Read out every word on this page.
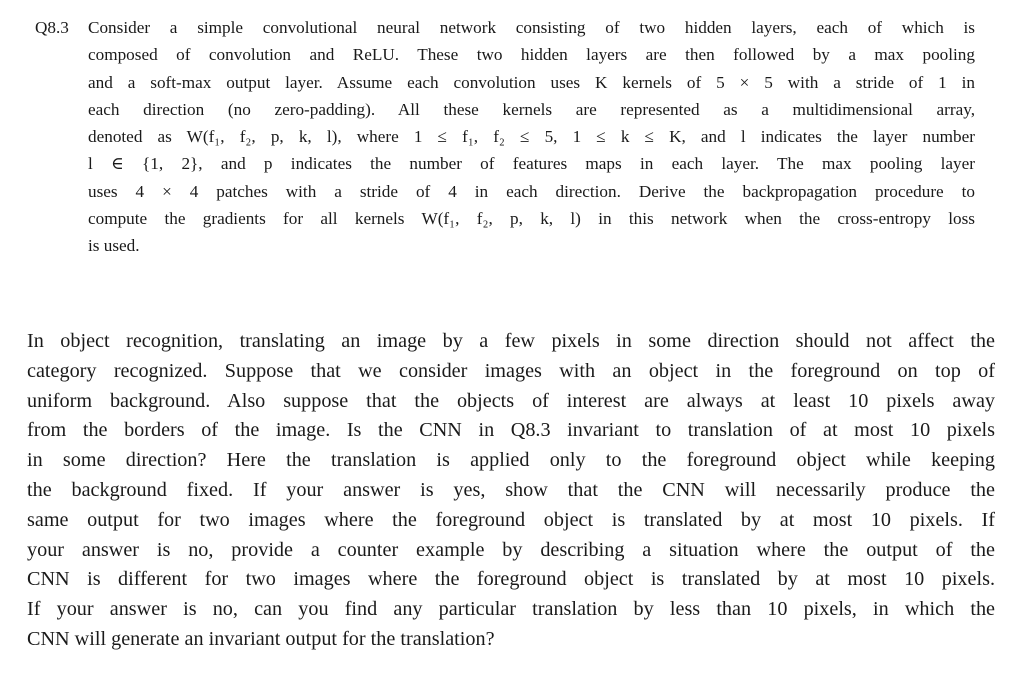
Q8.3 Consider a simple convolutional neural network consisting of two hidden layers, each of which is
composed of convolution and ReLU. These two hidden layers are then followed by a max pooling
and a soft-max output layer. Assume each convolution uses K kernels of 5 × 5 with a stride of 1 in
each direction (no zero-padding). All these kernels are represented as a multidimensional array,
denoted as W(f₁, f₂, p, k, l), where 1 ≤ f₁, f₂ ≤ 5, 1 ≤ k ≤ K, and l indicates the layer number
l ∈ {1, 2}, and p indicates the number of features maps in each layer. The max pooling layer
uses 4 × 4 patches with a stride of 4 in each direction. Derive the backpropagation procedure to
compute the gradients for all kernels W(f₁, f₂, p, k, l) in this network when the cross-entropy loss
is used.
In object recognition, translating an image by a few pixels in some direction should not affect the
category recognized. Suppose that we consider images with an object in the foreground on top of
uniform background. Also suppose that the objects of interest are always at least 10 pixels away
from the borders of the image. Is the CNN in Q8.3 invariant to translation of at most 10 pixels
in some direction? Here the translation is applied only to the foreground object while keeping
the background fixed. If your answer is yes, show that the CNN will necessarily produce the
same output for two images where the foreground object is translated by at most 10 pixels. If
your answer is no, provide a counter example by describing a situation where the output of the
CNN is different for two images where the foreground object is translated by at most 10 pixels.
If your answer is no, can you find any particular translation by less than 10 pixels, in which the
CNN will generate an invariant output for the translation?
